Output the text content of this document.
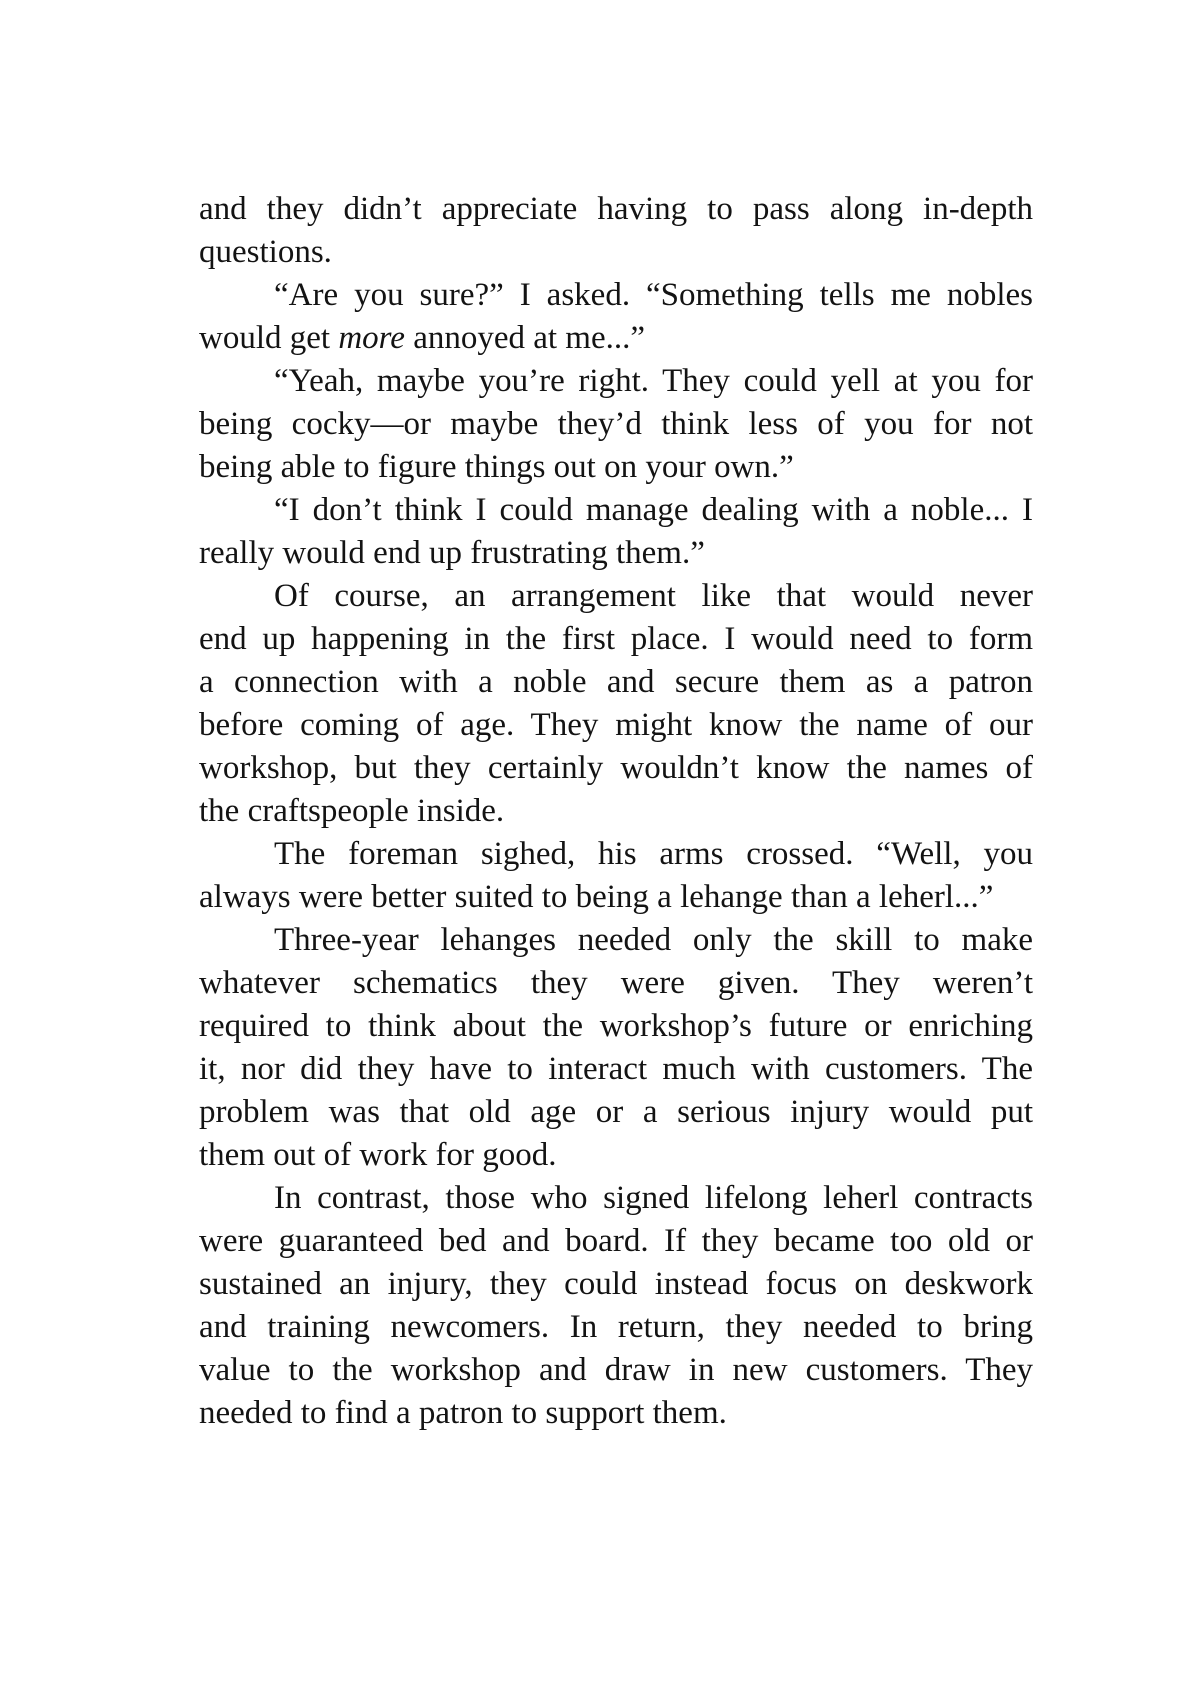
and they didn’t appreciate having to pass along in-depth
questions.
“Are you sure?” I asked. “Something tells me nobles
would get more annoyed at me...”
“Yeah, maybe you’re right. They could yell at you for
being cocky—or maybe they’d think less of you for not
being able to figure things out on your own.”
“I don’t think I could manage dealing with a noble... I
really would end up frustrating them.”
Of course, an arrangement like that would never
end up happening in the first place. I would need to form
a connection with a noble and secure them as a patron
before coming of age. They might know the name of our
workshop, but they certainly wouldn’t know the names of
the craftspeople inside.
The foreman sighed, his arms crossed. “Well, you
always were better suited to being a lehange than a leherl...”
Three-year lehanges needed only the skill to make
whatever schematics they were given. They weren’t
required to think about the workshop’s future or enriching
it, nor did they have to interact much with customers. The
problem was that old age or a serious injury would put
them out of work for good.
In contrast, those who signed lifelong leherl contracts
were guaranteed bed and board. If they became too old or
sustained an injury, they could instead focus on deskwork
and training newcomers. In return, they needed to bring
value to the workshop and draw in new customers. They
needed to find a patron to support them.
